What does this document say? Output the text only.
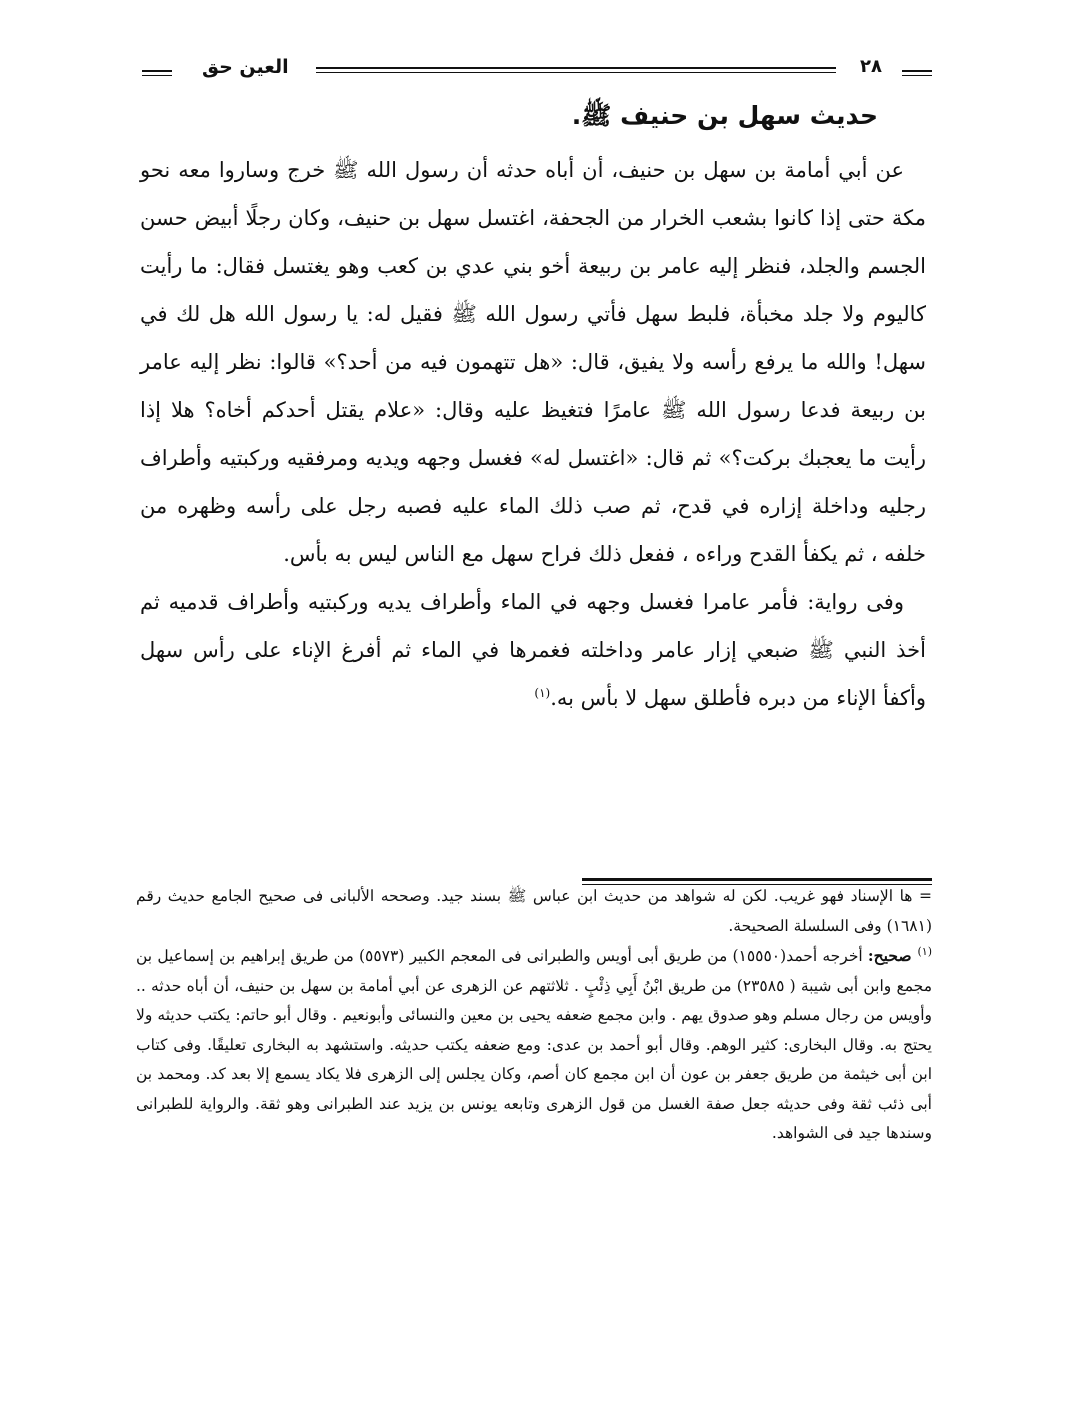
٢٨
العين حق
حديث سهل بن حنيف ﷺ.

عن أبي أمامة بن سهل بن حنيف، أن أباه حدثه أن رسول الله ﷺ خرج وساروا معه نحو مكة حتى إذا كانوا بشعب الخرار من الجحفة، اغتسل سهل بن حنيف، وكان رجلًا أبيض حسن الجسم والجلد، فنظر إليه عامر بن ربيعة أخو بني عدي بن كعب وهو يغتسل فقال: ما رأيت كاليوم ولا جلد مخبأة، فلبط سهل فأتي رسول الله ﷺ فقيل له: يا رسول الله هل لك في سهل! والله ما يرفع رأسه ولا يفيق، قال: «هل تتهمون فيه من أحد؟» قالوا: نظر إليه عامر بن ربيعة فدعا رسول الله ﷺ عامرًا فتغيظ عليه وقال: «علام يقتل أحدكم أخاه؟ هلا إذا رأيت ما يعجبك بركت؟» ثم قال: «اغتسل له» فغسل وجهه ويديه ومرفقيه وركبتيه وأطراف رجليه وداخلة إزاره في قدح، ثم صب ذلك الماء عليه فصبه رجل على رأسه وظهره من خلفه ، ثم يكفأ القدح وراءه ، ففعل ذلك فراح سهل مع الناس ليس به بأس.

وفى رواية: فأمر عامرا فغسل وجهه في الماء وأطراف يديه وركبتيه وأطراف قدميه ثم أخذ النبي ﷺ ضبعي إزار عامر وداخلته فغمرها في الماء ثم أفرغ الإناء على رأس سهل وأكفأ الإناء من دبره فأطلق سهل لا بأس به.$^{(١)}$

= ها الإسناد فهو غريب. لكن له شواهد من حديث ابن عباس ﷺ بسند جيد. وصححه الألبانى فى صحيح الجامع حديث رقم (١٦٨١) وفى السلسلة الصحيحة.

$^{(١)}$صحيح: أخرجه أحمد(١٥٥٥٠) من طريق أبى أويس والطبرانى فى المعجم الكبير (٥٥٧٣) من طريق إبراهيم بن إسماعيل بن مجمع وابن أبى شيبة ( ٢٣٥٨٥) من طريق ابْنُ أَبِي ذِئْبٍ . ثلاثتهم عن الزهرى عن أبي أمامة بن سهل بن حنيف، أن أباه حدثه .. وأويس من رجال مسلم وهو صدوق يهم . وابن مجمع ضعفه يحيى بن معين والنسائى وأبونعيم . وقال أبو حاتم: يكتب حديثه ولا يحتج به. وقال البخارى: كثير الوهم. وقال أبو أحمد بن عدى: ومع ضعفه يكتب حديثه. واستشهد به البخارى تعليقًا. وفى كتاب ابن أبى خيثمة من طريق جعفر بن عون أن ابن مجمع كان أصم، وكان يجلس إلى الزهرى فلا يكاد يسمع إلا بعد كد. ومحمد بن أبى ذئب ثقة وفى حديثه جعل صفة الغسل من قول الزهرى وتابعه يونس بن يزيد عند الطبرانى وهو ثقة. والرواية للطبرانى وسندها جيد فى الشواهد.
